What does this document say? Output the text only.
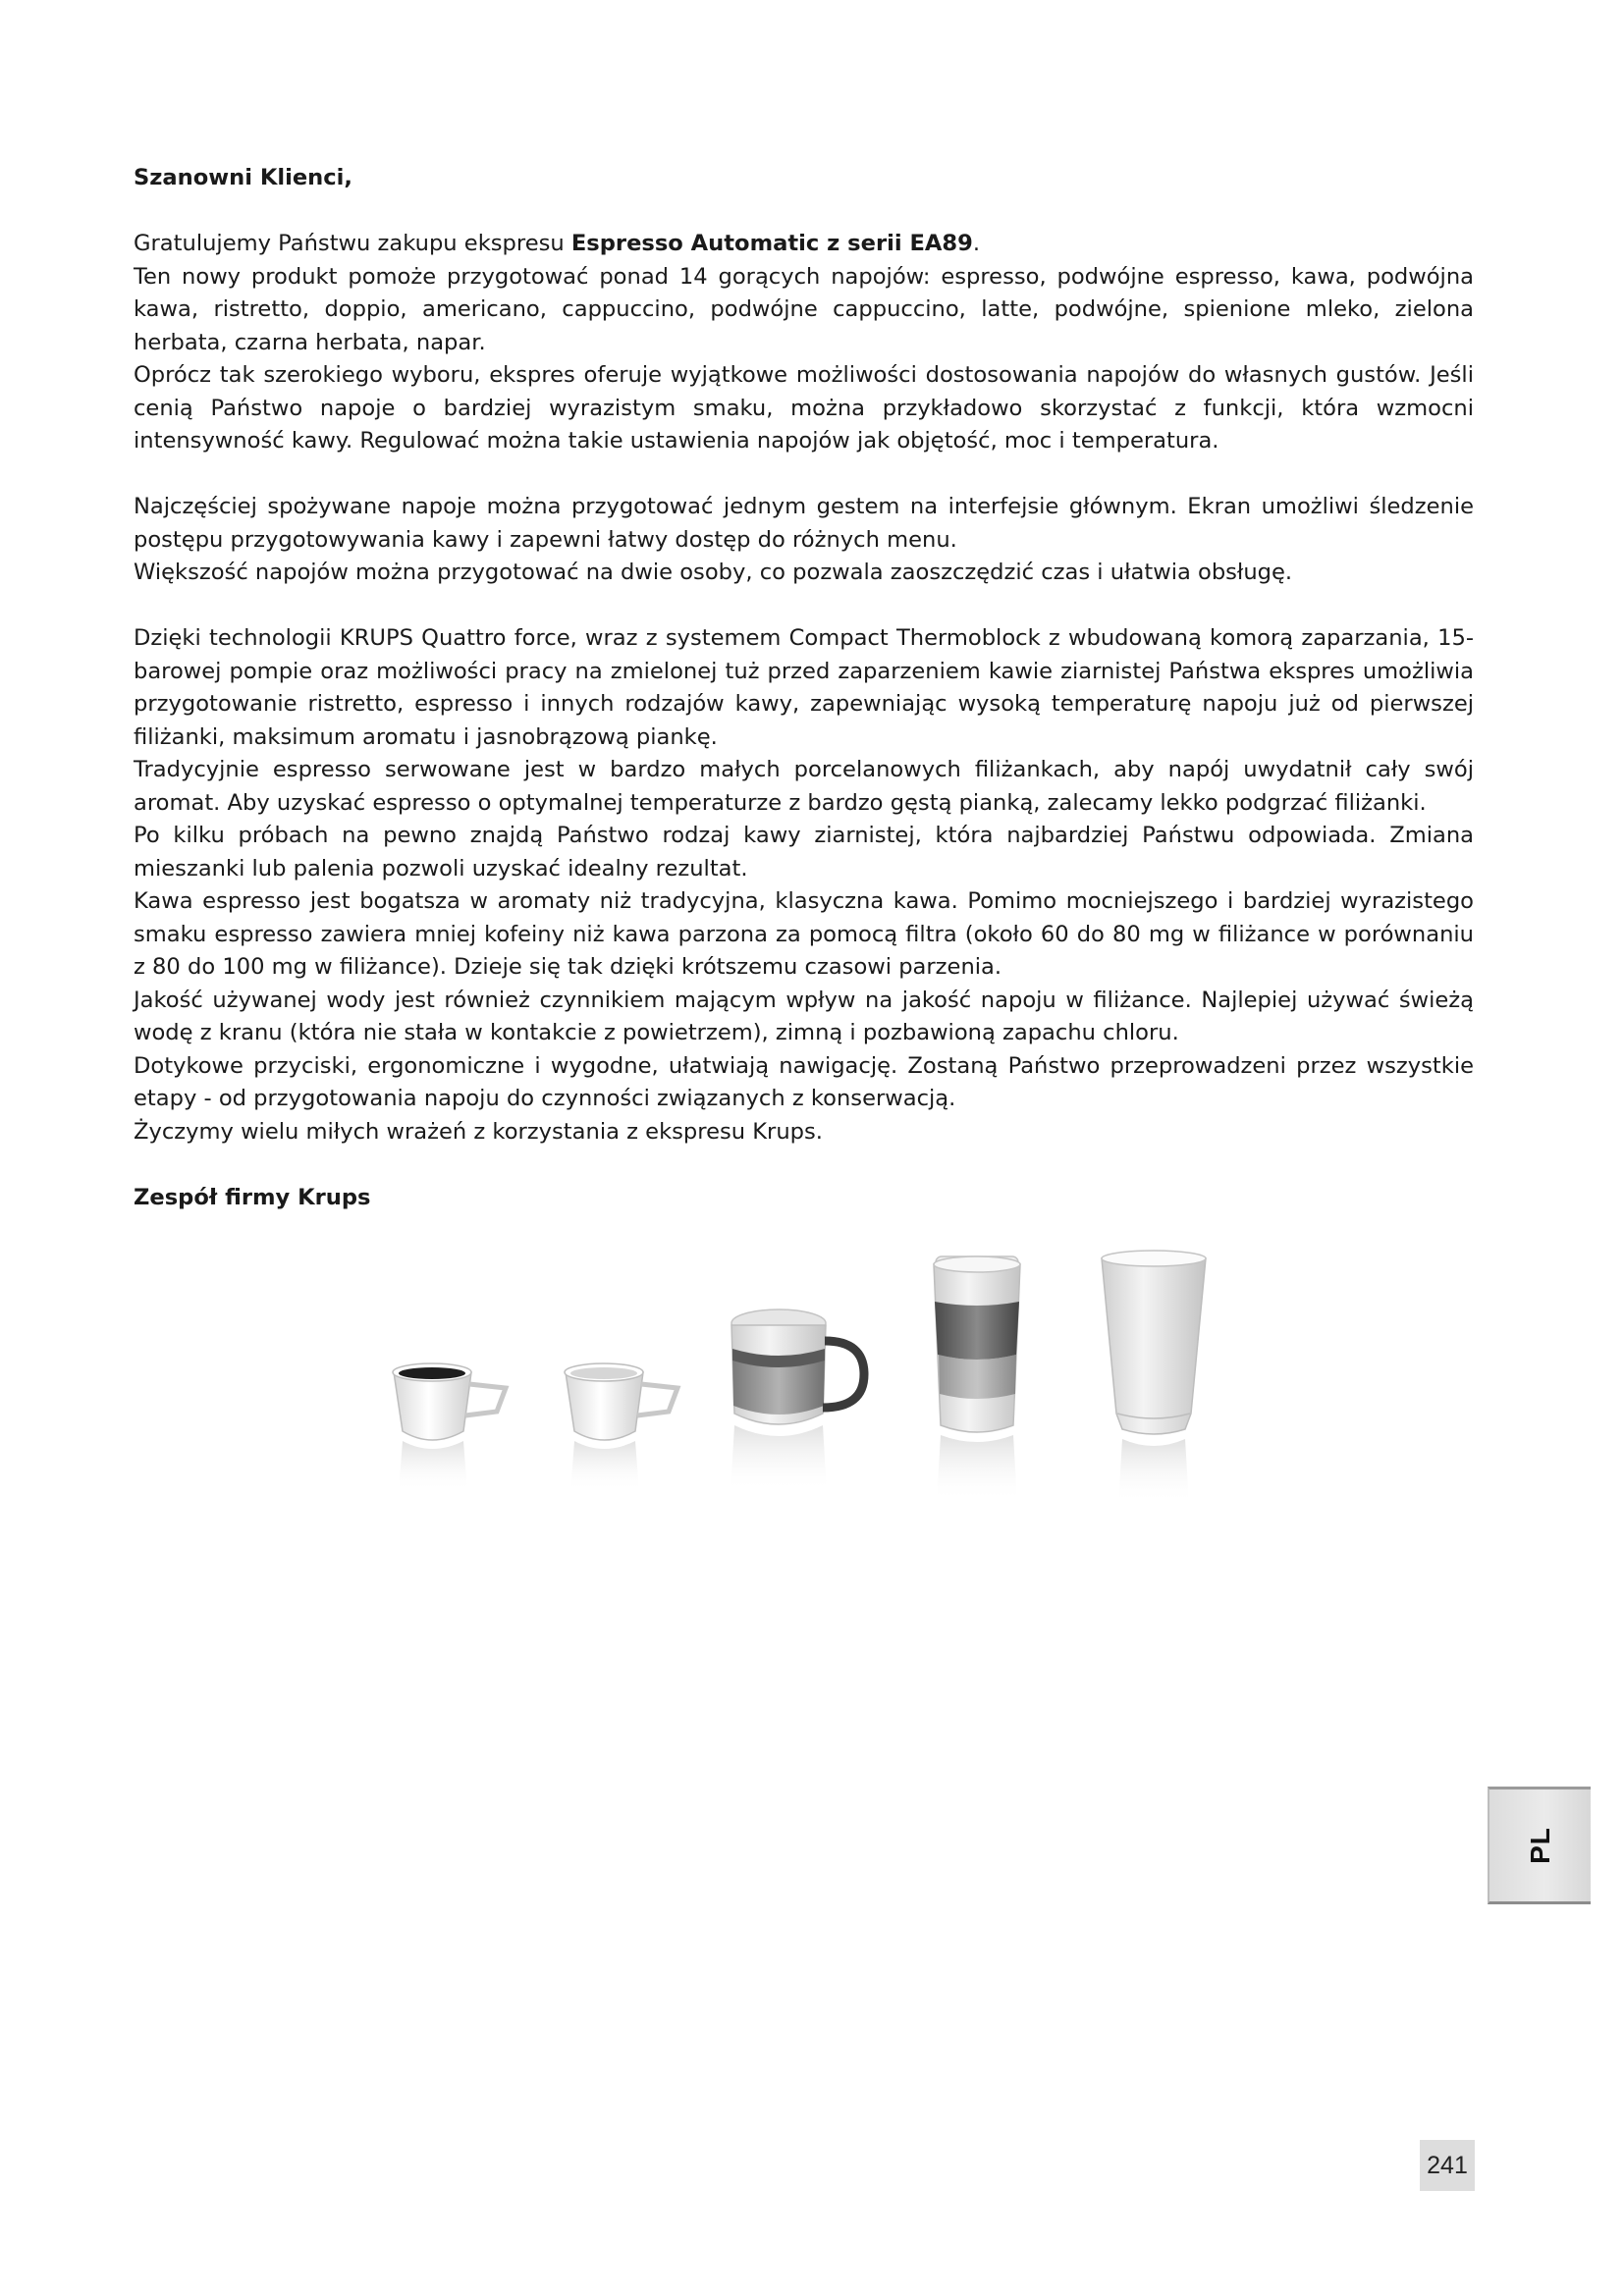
Szanowni Klienci,

Gratulujemy Państwu zakupu ekspresu Espresso Automatic z serii EA89.

Ten nowy produkt pomoże przygotować ponad 14 gorących napojów: espresso, podwójne espresso, kawa, podwójna kawa, ristretto, doppio, americano, cappuccino, podwójne cappuccino, latte, podwójne, spienione mleko, zielona herbata, czarna herbata, napar.

Oprócz tak szerokiego wyboru, ekspres oferuje wyjątkowe możliwości dostosowania napojów do własnych gustów. Jeśli cenią Państwo napoje o bardziej wyrazistym smaku, można przykładowo skorzystać z funkcji, która wzmocni intensywność kawy. Regulować można takie ustawienia napojów jak objętość, moc i temperatura.

Najczęściej spożywane napoje można przygotować jednym gestem na interfejsie głównym. Ekran umożliwi śledzenie postępu przygotowywania kawy i zapewni łatwy dostęp do różnych menu.

Większość napojów można przygotować na dwie osoby, co pozwala zaoszczędzić czas i ułatwia obsługę.

Dzięki technologii KRUPS Quattro force, wraz z systemem Compact Thermoblock z wbudowaną komorą zaparzania, 15-barowej pompie oraz możliwości pracy na zmielonej tuż przed zaparzeniem kawie ziarnistej Państwa ekspres umożliwia przygotowanie ristretto, espresso i innych rodzajów kawy, zapewniając wysoką temperaturę napoju już od pierwszej filiżanki, maksimum aromatu i jasnobrązową piankę.

Tradycyjnie espresso serwowane jest w bardzo małych porcelanowych filiżankach, aby napój uwydatnił cały swój aromat. Aby uzyskać espresso o optymalnej temperaturze z bardzo gęstą pianką, zalecamy lekko podgrzać filiżanki.

Po kilku próbach na pewno znajdą Państwo rodzaj kawy ziarnistej, która najbardziej Państwu odpowiada. Zmiana mieszanki lub palenia pozwoli uzyskać idealny rezultat.

Kawa espresso jest bogatsza w aromaty niż tradycyjna, klasyczna kawa. Pomimo mocniejszego i bardziej wyrazistego smaku espresso zawiera mniej kofeiny niż kawa parzona za pomocą filtra (około 60 do 80 mg w filiżance w porównaniu z 80 do 100 mg w filiżance). Dzieje się tak dzięki krótszemu czasowi parzenia.

Jakość używanej wody jest również czynnikiem mającym wpływ na jakość napoju w filiżance. Najlepiej używać świeżą wodę z kranu (która nie stała w kontakcie z powietrzem), zimną i pozbawioną zapachu chloru.

Dotykowe przyciski, ergonomiczne i wygodne, ułatwiają nawigację. Zostaną Państwo przeprowadzeni przez wszystkie etapy - od przygotowania napoju do czynności związanych z konserwacją.

Życzymy wielu miłych wrażeń z korzystania z ekspresu Krups.

Zespół firmy Krups

PL
241
